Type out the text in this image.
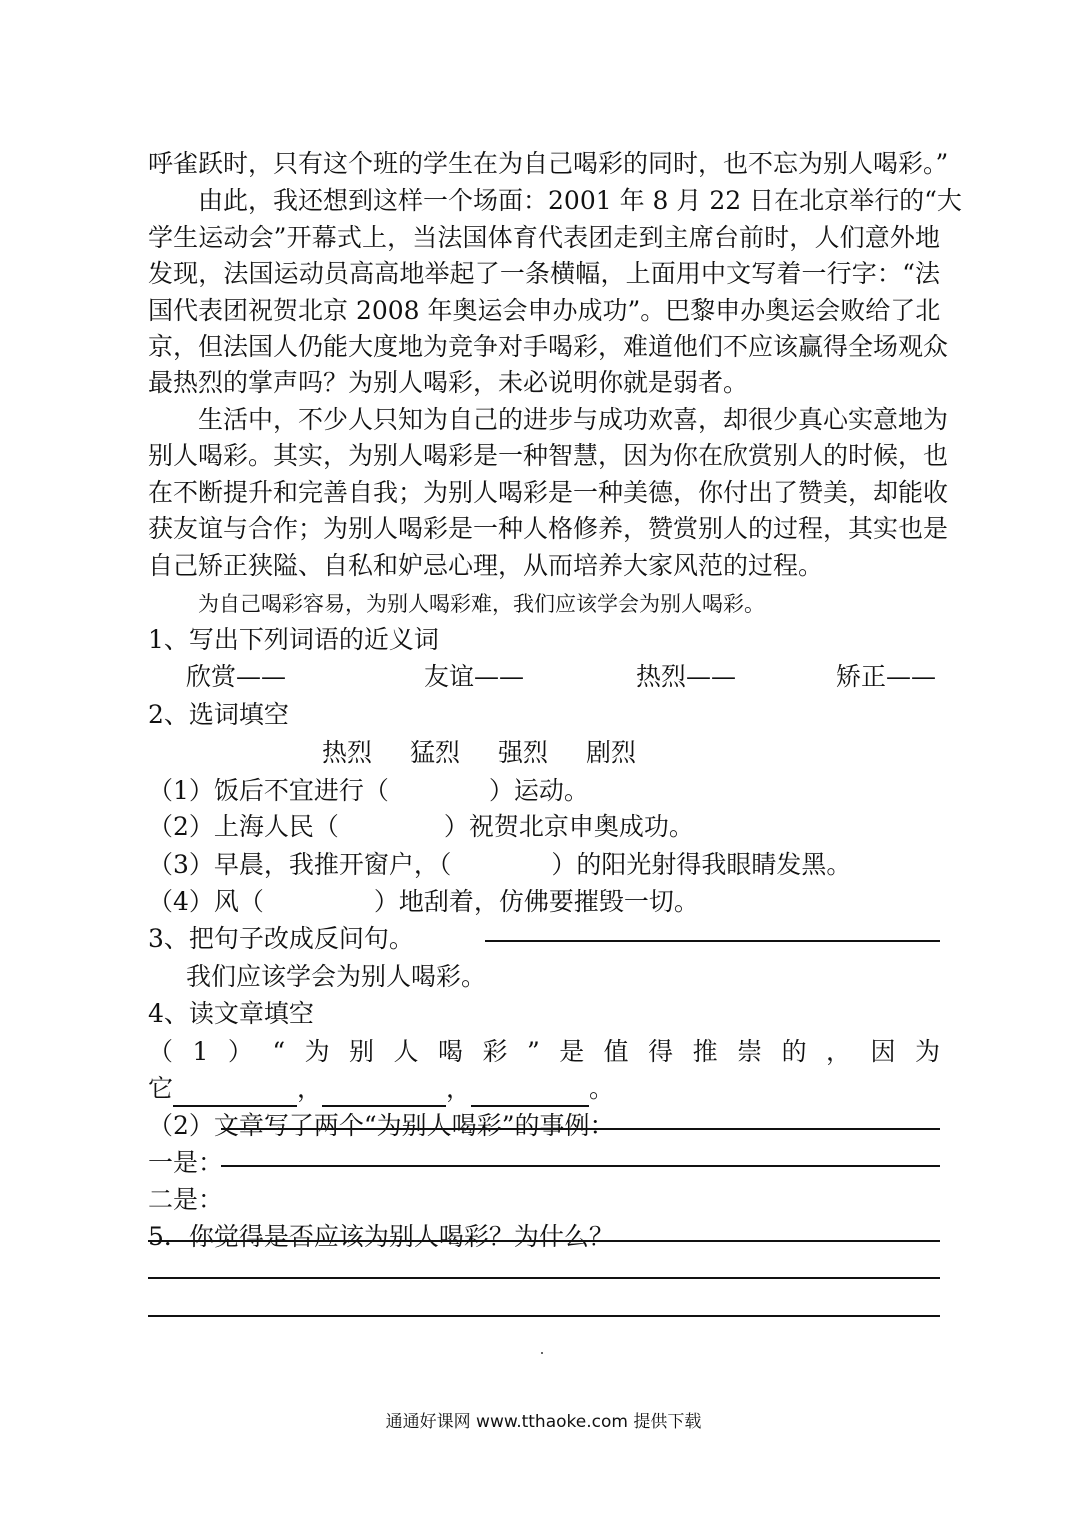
呼雀跃时，只有这个班的学生在为自己喝彩的同时，也不忘为别人喝彩。”
　　由此，我还想到这样一个场面：2001 年 8 月 22 日在北京举行的“大
学生运动会”开幕式上，当法国体育代表团走到主席台前时，人们意外地
发现，法国运动员高高地举起了一条横幅，上面用中文写着一行字：“法
国代表团祝贺北京 2008 年奥运会申办成功”。巴黎申办奥运会败给了北
京，但法国人仍能大度地为竞争对手喝彩，难道他们不应该赢得全场观众
最热烈的掌声吗？为别人喝彩，未必说明你就是弱者。
　　生活中，不少人只知为自己的进步与成功欢喜，却很少真心实意地为
别人喝彩。其实，为别人喝彩是一种智慧，因为你在欣赏别人的时候，也
在不断提升和完善自我；为别人喝彩是一种美德，你付出了赞美，却能收
获友谊与合作；为别人喝彩是一种人格修养，赞赏别人的过程，其实也是
自己矫正狭隘、自私和妒忌心理，从而培养大家风范的过程。
为自己喝彩容易，为别人喝彩难，我们应该学会为别人喝彩。
1、写出下列词语的近义词
欣赏——	友谊——	热烈——	矫正——
2、选词填空
热烈 猛烈 强烈 剧烈
（1）饭后不宜进行（	）运动。
（2）上海人民（	）祝贺北京申奥成功。
（3）早晨，我推开窗户，（	）的阳光射得我眼睛发黑。
（4）风（	）地刮着，仿佛要摧毁一切。
3、把句子改成反问句。
我们应该学会为别人喝彩。
4、读文章填空
（1）“为别人喝彩”是值得推崇的，因为
它	，	，	。
（2）文章写了两个“为别人喝彩”的事例：
一是：
二是：
5．你觉得是否应该为别人喝彩？为什么？
通通好课网 www.tthaoke.com 提供下载
